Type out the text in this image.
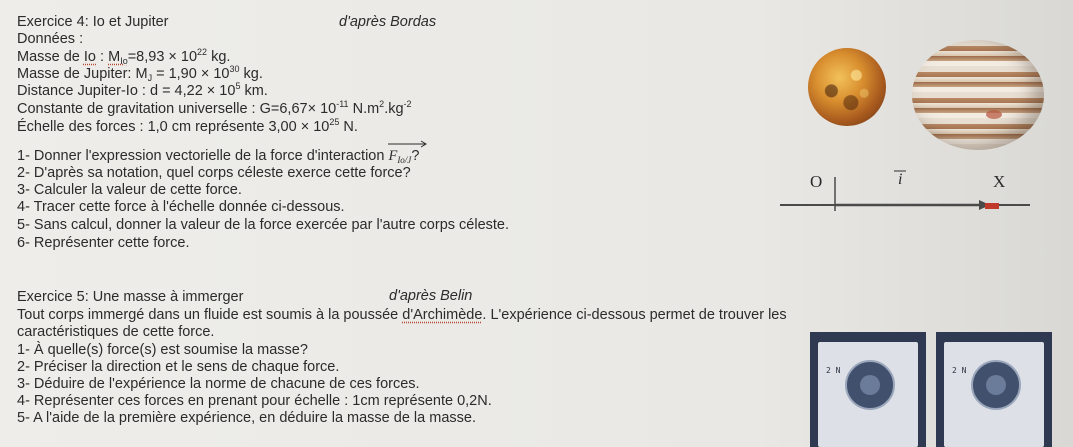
Exercice 4: Io et Jupiter	d'après Bordas
Données :
Masse de Io : $M_{Io}=8,93 \times 10^{22}$ kg.
Masse de Jupiter: $M_J = 1,90 \times 10^{30}$ kg.
Distance Jupiter-Io : $d = 4,22 \times 10^5$ km.
Constante de gravitation universelle : $G=6,67\times 10^{-11}$ $N.m^2.kg^{-2}$
Échelle des forces : 1,0 cm représente $3,00 \times 10^{25}$ N.
1- Donner l'expression vectorielle de la force d'interaction
$F_{Io/J}$?
2- D'après sa notation, quel corps céleste exerce cette force?
3- Calculer la valeur de cette force.
4- Tracer cette force à l'échelle donnée ci-dessous.
5- Sans calcul, donner la valeur de la force exercée par l'autre corps céleste.
6- Représenter cette force.
O	i	X
Exercice 5: Une masse à immerger	d'après Belin
Tout corps immergé dans un fluide est soumis à la poussée d'Archimède. L'expérience ci-dessous permet de trouver les
caractéristiques de cette force.
1- À quelle(s) force(s) est soumise la masse?
2- Préciser la direction et le sens de chaque force.
3- Déduire de l'expérience la norme de chacune de ces forces.
4- Représenter ces forces en prenant pour échelle : 1cm représente 0,2N.
5- A l'aide de la première expérience, en déduire la masse de la masse.
2 N	2 N
